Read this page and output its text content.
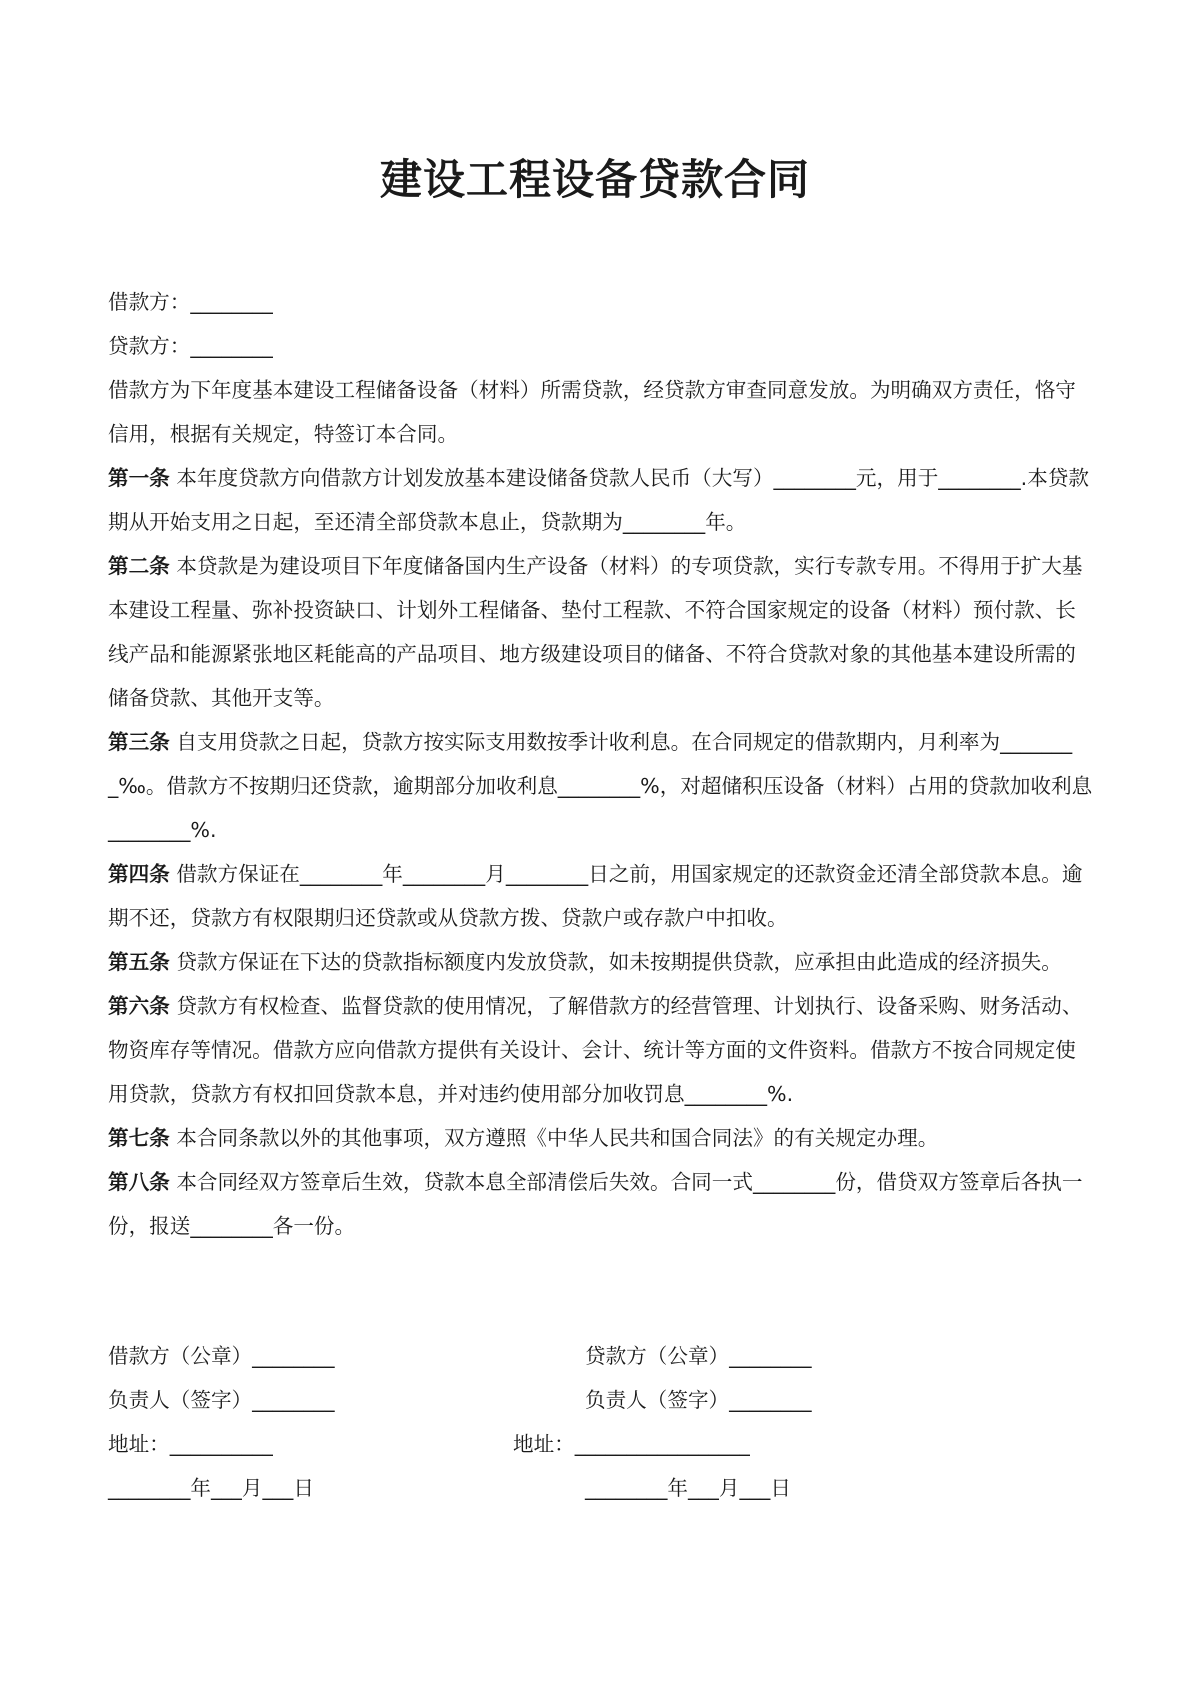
建设工程设备贷款合同

借款方：________

贷款方：________

借款方为下年度基本建设工程储备设备（材料）所需贷款，经贷款方审查同意发放。为明确双方责任，恪守信用，根据有关规定，特签订本合同。

第一条 本年度贷款方向借款方计划发放基本建设储备贷款人民币（大写）________元，用于________.本贷款期从开始支用之日起，至还清全部贷款本息止，贷款期为________年。

第二条 本贷款是为建设项目下年度储备国内生产设备（材料）的专项贷款，实行专款专用。不得用于扩大基本建设工程量、弥补投资缺口、计划外工程储备、垫付工程款、不符合国家规定的设备（材料）预付款、长线产品和能源紧张地区耗能高的产品项目、地方级建设项目的储备、不符合贷款对象的其他基本建设所需的储备贷款、其他开支等。

第三条 自支用贷款之日起，贷款方按实际支用数按季计收利息。在合同规定的借款期内，月利率为________‰。借款方不按期归还贷款，逾期部分加收利息________%，对超储积压设备（材料）占用的贷款加收利息________%.

第四条 借款方保证在________年________月________日之前，用国家规定的还款资金还清全部贷款本息。逾期不还，贷款方有权限期归还贷款或从贷款方拨、贷款户或存款户中扣收。

第五条 贷款方保证在下达的贷款指标额度内发放贷款，如未按期提供贷款，应承担由此造成的经济损失。

第六条 贷款方有权检查、监督贷款的使用情况，了解借款方的经营管理、计划执行、设备采购、财务活动、物资库存等情况。借款方应向借款方提供有关设计、会计、统计等方面的文件资料。借款方不按合同规定使用贷款，贷款方有权扣回贷款本息，并对违约使用部分加收罚息________%.

第七条 本合同条款以外的其他事项，双方遵照《中华人民共和国合同法》的有关规定办理。

第八条 本合同经双方签章后生效，贷款本息全部清偿后失效。合同一式________份，借贷双方签章后各执一份，报送________各一份。

借款方（公章）________
负责人（签字）________
地址：__________
________年___月___日
贷款方（公章）________
负责人（签字）________
地址：_________________
________年___月___日
